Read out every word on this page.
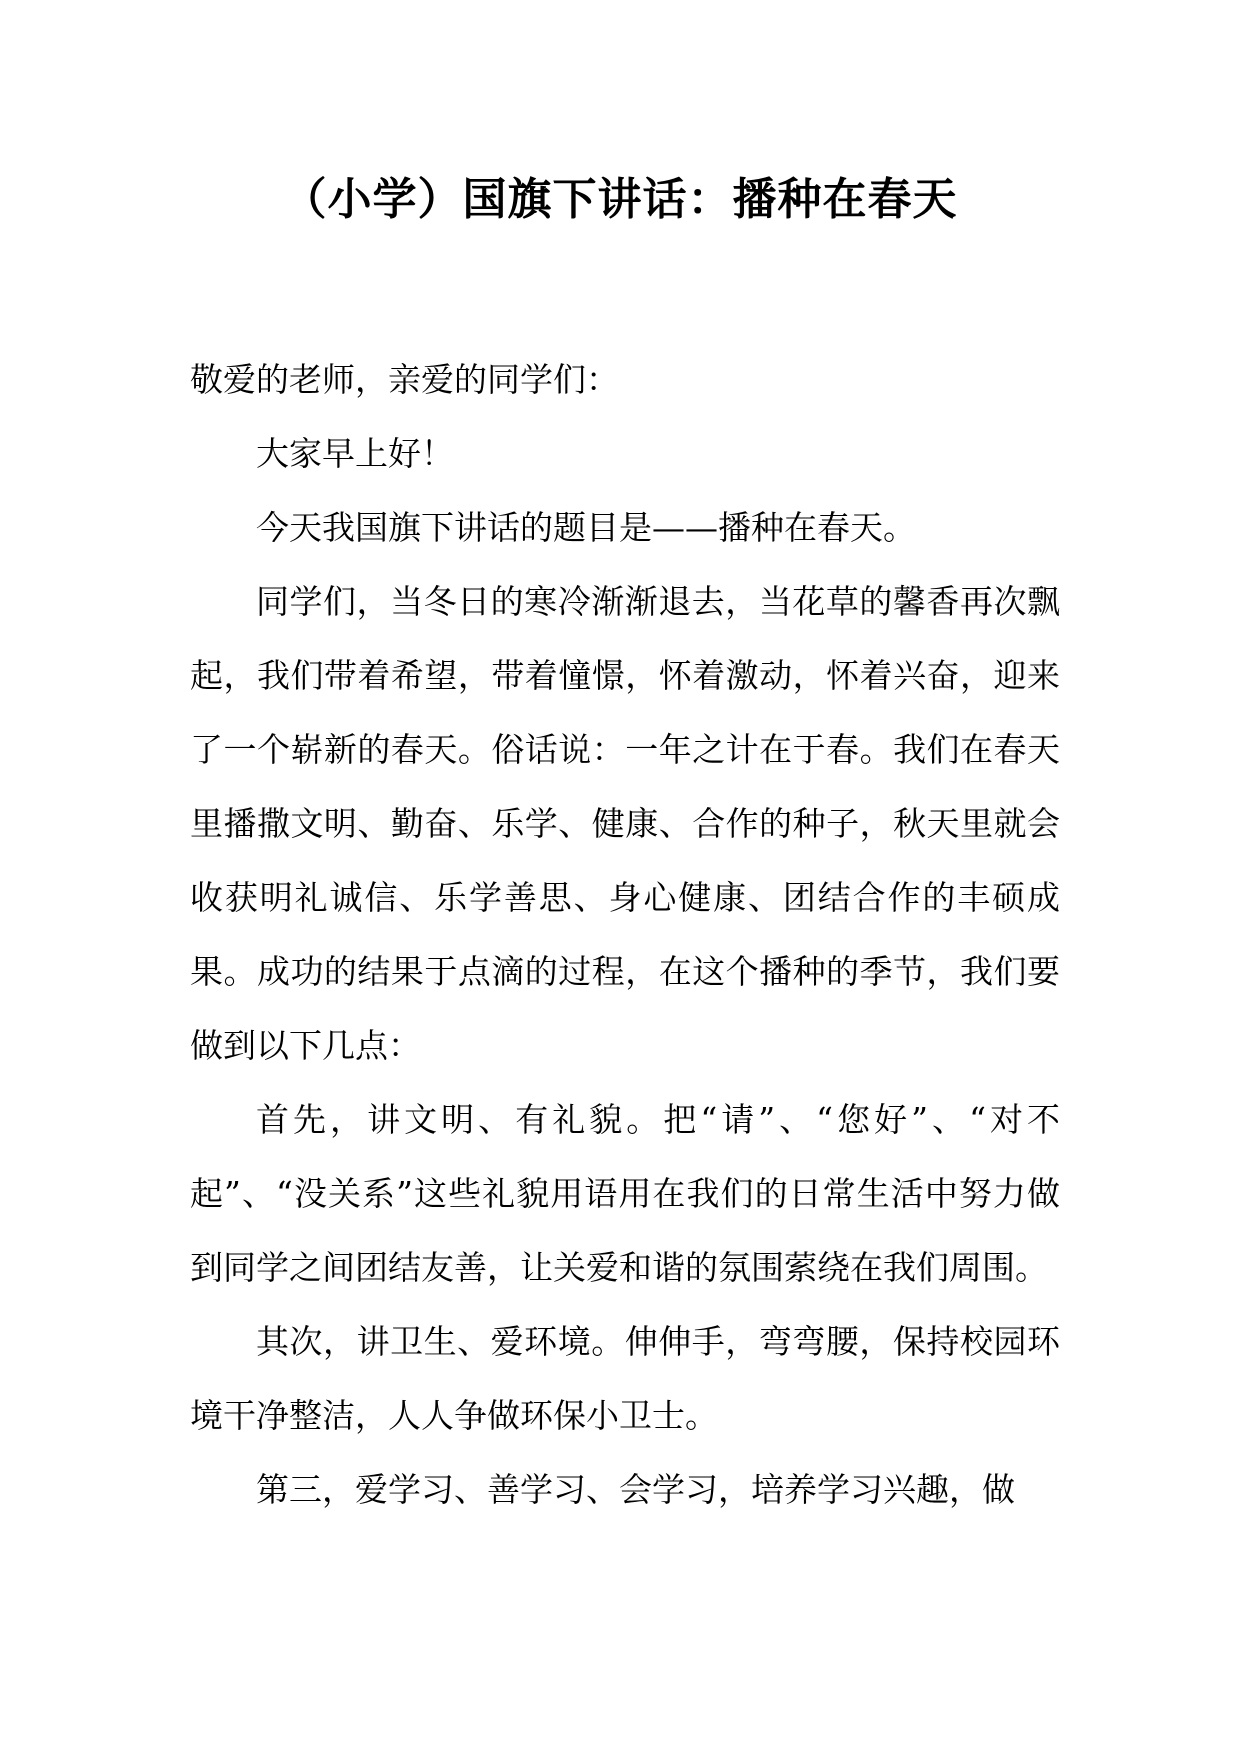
（小学）国旗下讲话：播种在春天

敬爱的老师，亲爱的同学们：

大家早上好！

今天我国旗下讲话的题目是——播种在春天。

同学们，当冬日的寒冷渐渐退去，当花草的馨香再次飘起，我们带着希望，带着憧憬，怀着激动，怀着兴奋，迎来了一个崭新的春天。俗话说：一年之计在于春。我们在春天里播撒文明、勤奋、乐学、健康、合作的种子，秋天里就会收获明礼诚信、乐学善思、身心健康、团结合作的丰硕成果。成功的结果于点滴的过程，在这个播种的季节，我们要做到以下几点：

首先，讲文明、有礼貌。把“请”、“您好”、“对不起”、“没关系”这些礼貌用语用在我们的日常生活中努力做到同学之间团结友善，让关爱和谐的氛围萦绕在我们周围。

其次，讲卫生、爱环境。伸伸手，弯弯腰，保持校园环境干净整洁，人人争做环保小卫士。

第三，爱学习、善学习、会学习，培养学习兴趣，做
